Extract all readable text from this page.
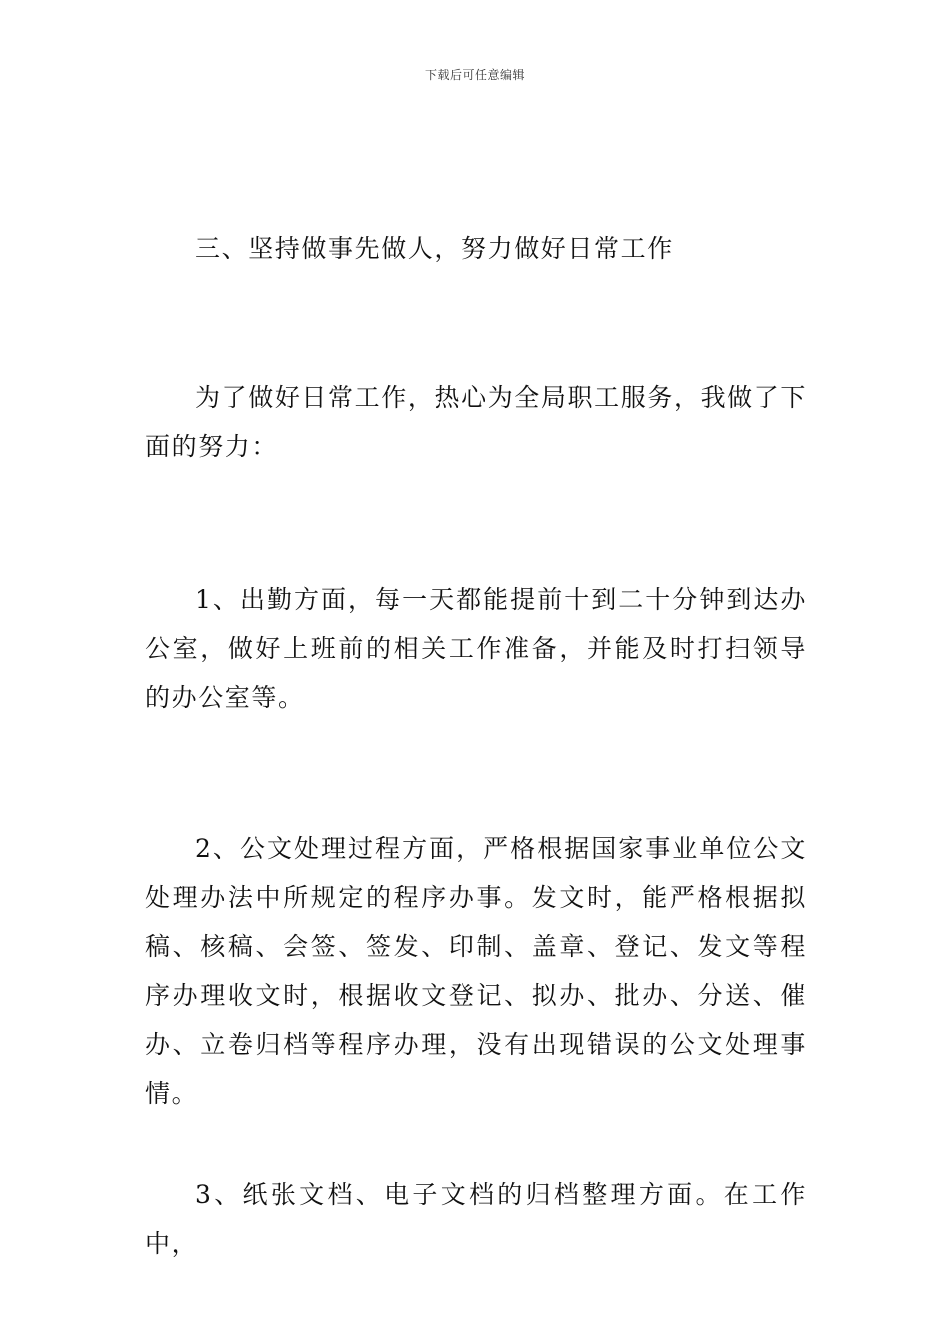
下载后可任意编辑

三、坚持做事先做人，努力做好日常工作

为了做好日常工作，热心为全局职工服务，我做了下面的努力：

1、出勤方面，每一天都能提前十到二十分钟到达办公室，做好上班前的相关工作准备，并能及时打扫领导的办公室等。

2、公文处理过程方面，严格根据国家事业单位公文处理办法中所规定的程序办事。发文时，能严格根据拟稿、核稿、会签、签发、印制、盖章、登记、发文等程序办理收文时，根据收文登记、拟办、批办、分送、催办、立卷归档等程序办理，没有出现错误的公文处理事情。

3、纸张文档、电子文档的归档整理方面。在工作中，
